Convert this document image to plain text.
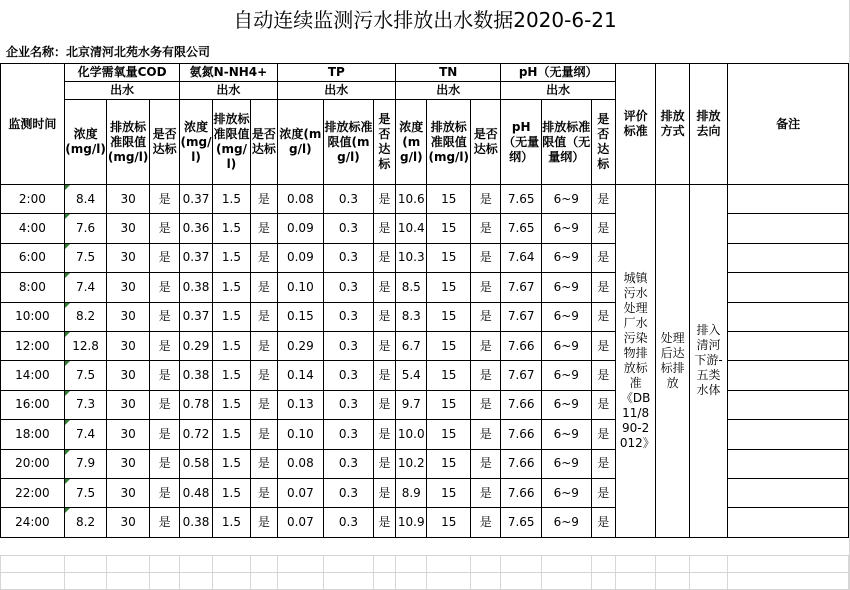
自动连续监测污水排放出水数据2020-6-21
企业名称：北京清河北苑水务有限公司
监测时间	化学需氧量COD			氨氮N-NH4+			TP			TN			pH（无量纲）			评价标准	排放方式	排放去向	备注
	出水			出水			出水			出水			出水						
	浓度(mg/l)	排放标准限值(mg/l)	是否达标	浓度(mg/l)	排放标准限值(mg/l)	是否达标	浓度(mg/l)	排放标准限值(mg/l)	是否达标	浓度(mg/l)	排放标准限值(mg/l)	是否达标	pH（无量纲）	排放标准限值（无量纲）	是否达标				
2:00	8.4	30	是	0.37	1.5	是	0.08	0.3	是	10.6	15	是	7.65	6~9	是	城镇污水处理厂水污染物排放标准《DB11/890-2012》	处理后达标排放	排入清河下游-五类水体	
4:00	7.6	30	是	0.36	1.5	是	0.09	0.3	是	10.4	15	是	7.65	6~9	是				
6:00	7.5	30	是	0.37	1.5	是	0.09	0.3	是	10.3	15	是	7.64	6~9	是				
8:00	7.4	30	是	0.38	1.5	是	0.10	0.3	是	8.5	15	是	7.67	6~9	是				
10:00	8.2	30	是	0.37	1.5	是	0.15	0.3	是	8.3	15	是	7.67	6~9	是				
12:00	12.8	30	是	0.29	1.5	是	0.29	0.3	是	6.7	15	是	7.66	6~9	是				
14:00	7.5	30	是	0.38	1.5	是	0.14	0.3	是	5.4	15	是	7.67	6~9	是				
16:00	7.3	30	是	0.78	1.5	是	0.13	0.3	是	9.7	15	是	7.66	6~9	是				
18:00	7.4	30	是	0.72	1.5	是	0.10	0.3	是	10.0	15	是	7.66	6~9	是				
20:00	7.9	30	是	0.58	1.5	是	0.08	0.3	是	10.2	15	是	7.66	6~9	是				
22:00	7.5	30	是	0.48	1.5	是	0.07	0.3	是	8.9	15	是	7.66	6~9	是				
24:00	8.2	30	是	0.38	1.5	是	0.07	0.3	是	10.9	15	是	7.65	6~9	是				
